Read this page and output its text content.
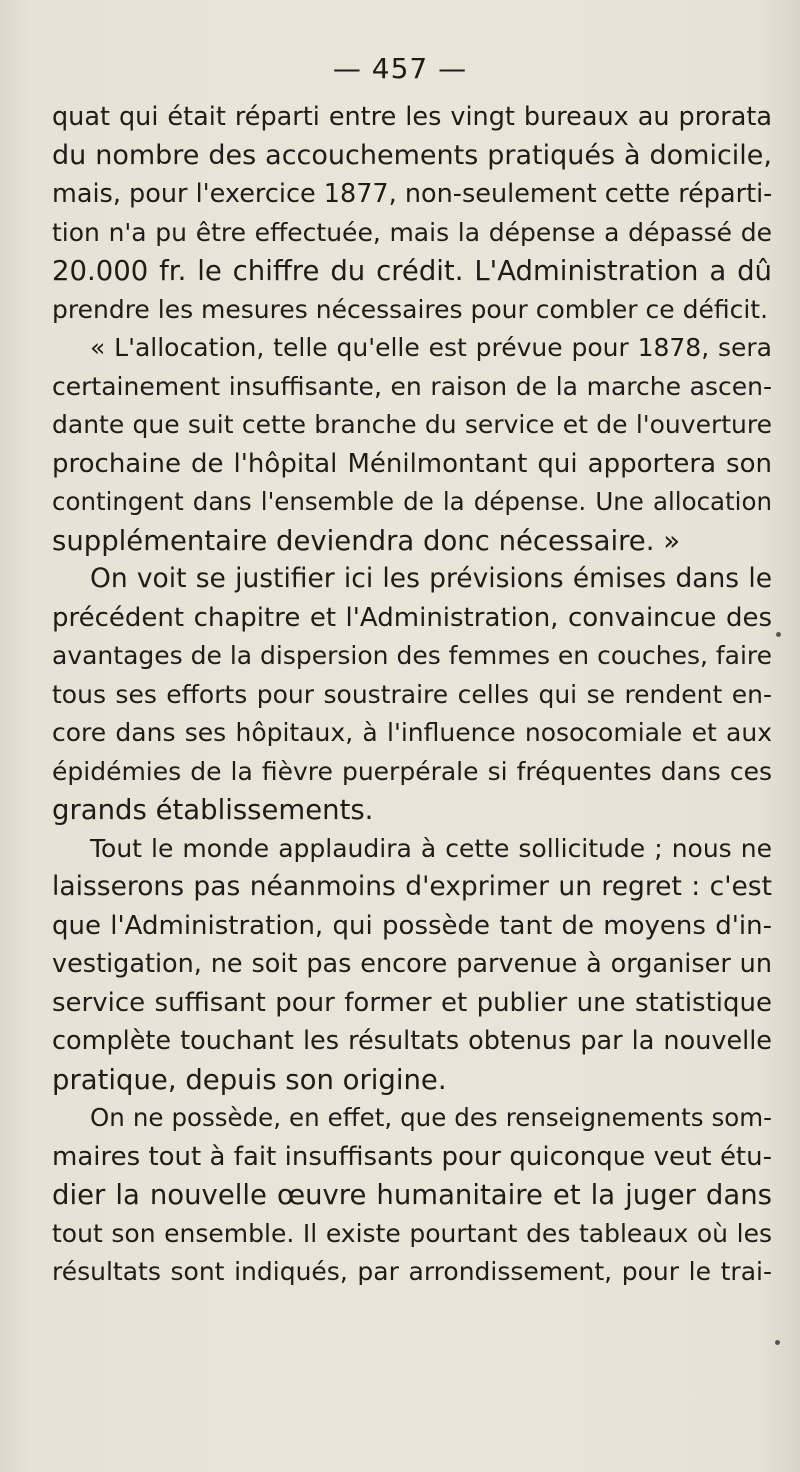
— 457 —
quat qui était réparti entre les vingt bureaux au prorata
du nombre des accouchements pratiqués à domicile,
mais, pour l'exercice 1877, non-seulement cette réparti-
tion n'a pu être effectuée, mais la dépense a dépassé de
20.000 fr. le chiffre du crédit. L'Administration a dû
prendre les mesures nécessaires pour combler ce déficit.
« L'allocation, telle qu'elle est prévue pour 1878, sera
certainement insuffisante, en raison de la marche ascen-
dante que suit cette branche du service et de l'ouverture
prochaine de l'hôpital Ménilmontant qui apportera son
contingent dans l'ensemble de la dépense. Une allocation
supplémentaire deviendra donc nécessaire. »
On voit se justifier ici les prévisions émises dans le
précédent chapitre et l'Administration, convaincue des
avantages de la dispersion des femmes en couches, faire
tous ses efforts pour soustraire celles qui se rendent en-
core dans ses hôpitaux, à l'influence nosocomiale et aux
épidémies de la fièvre puerpérale si fréquentes dans ces
grands établissements.
Tout le monde applaudira à cette sollicitude ; nous ne
laisserons pas néanmoins d'exprimer un regret : c'est
que l'Administration, qui possède tant de moyens d'in-
vestigation, ne soit pas encore parvenue à organiser un
service suffisant pour former et publier une statistique
complète touchant les résultats obtenus par la nouvelle
pratique, depuis son origine.
On ne possède, en effet, que des renseignements som-
maires tout à fait insuffisants pour quiconque veut étu-
dier la nouvelle œuvre humanitaire et la juger dans
tout son ensemble. Il existe pourtant des tableaux où les
résultats sont indiqués, par arrondissement, pour le trai-
